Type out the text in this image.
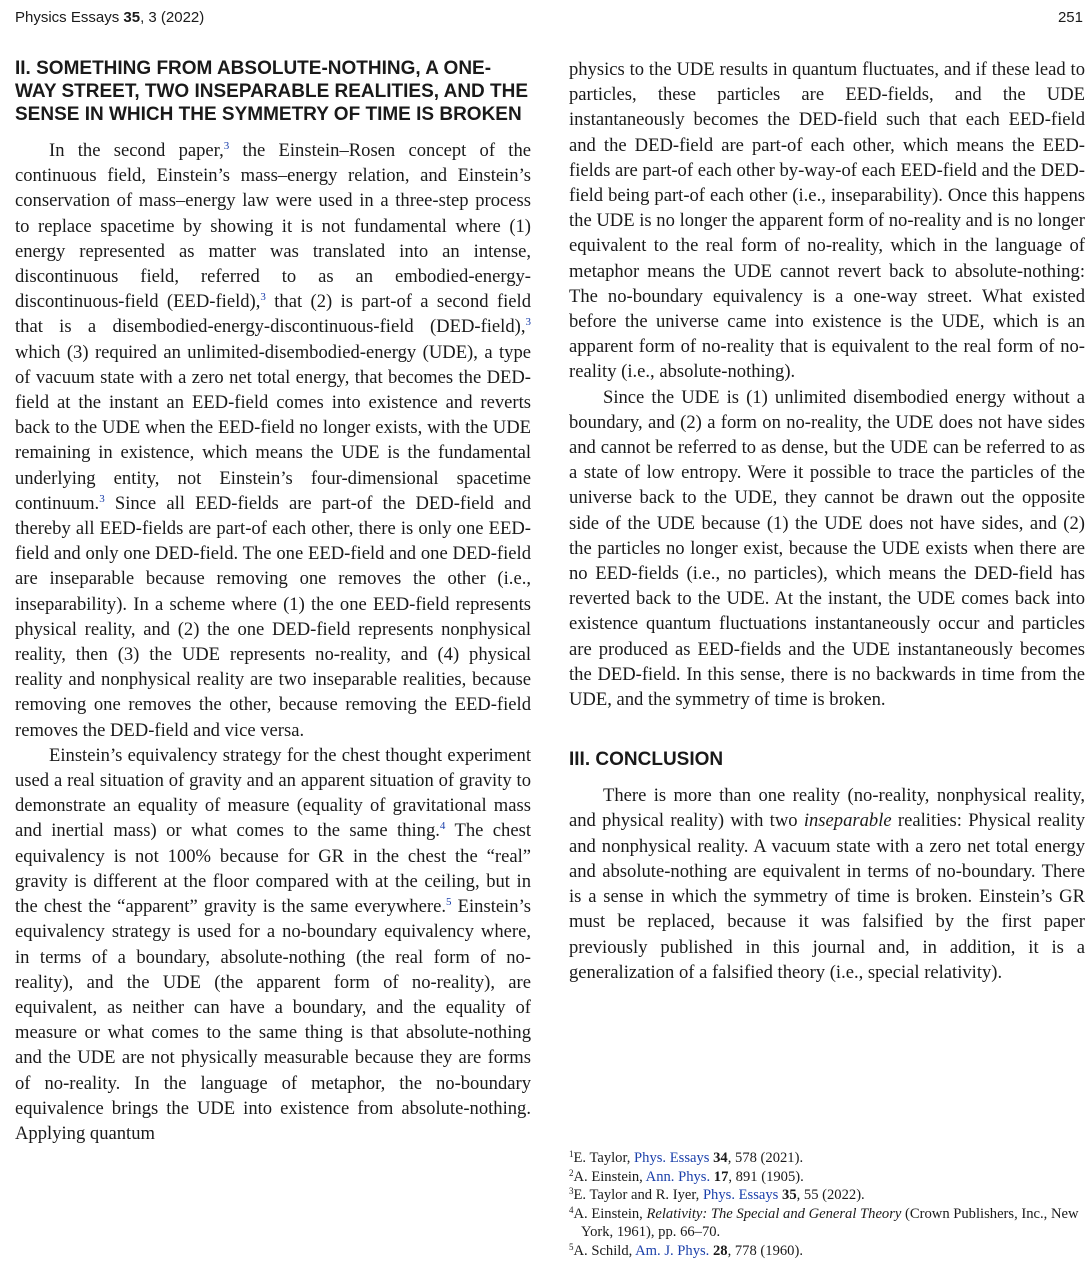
Physics Essays 35, 3 (2022)	251
II. SOMETHING FROM ABSOLUTE-NOTHING, A ONE-WAY STREET, TWO INSEPARABLE REALITIES, AND THE SENSE IN WHICH THE SYMMETRY OF TIME IS BROKEN

In the second paper,$^3$ the Einstein–Rosen concept of the continuous field, Einstein’s mass–energy relation, and Einstein’s conservation of mass–energy law were used in a three-step process to replace spacetime by showing it is not fundamental where (1) energy represented as matter was translated into an intense, discontinuous field, referred to as an embodied-energy-discontinuous-field (EED-field),$^3$ that (2) is part-of a second field that is a disembodied-energy-discontinuous-field (DED-field),$^3$ which (3) required an unlimited-disembodied-energy (UDE), a type of vacuum state with a zero net total energy, that becomes the DED-field at the instant an EED-field comes into existence and reverts back to the UDE when the EED-field no longer exists, with the UDE remaining in existence, which means the UDE is the fundamental underlying entity, not Einstein’s four-dimensional spacetime continuum.$^3$ Since all EED-fields are part-of the DED-field and thereby all EED-fields are part-of each other, there is only one EED-field and only one DED-field. The one EED-field and one DED-field are inseparable because removing one removes the other (i.e., inseparability). In a scheme where (1) the one EED-field represents physical reality, and (2) the one DED-field represents nonphysical reality, then (3) the UDE represents no-reality, and (4) physical reality and nonphysical reality are two inseparable realities, because removing one removes the other, because removing the EED-field removes the DED-field and vice versa.

Einstein’s equivalency strategy for the chest thought experiment used a real situation of gravity and an apparent situation of gravity to demonstrate an equality of measure (equality of gravitational mass and inertial mass) or what comes to the same thing.$^4$ The chest equivalency is not 100% because for GR in the chest the “real” gravity is different at the floor compared with at the ceiling, but in the chest the “apparent” gravity is the same everywhere.$^5$ Einstein’s equivalency strategy is used for a no-boundary equivalency where, in terms of a boundary, absolute-nothing (the real form of no-reality), and the UDE (the apparent form of no-reality), are equivalent, as neither can have a boundary, and the equality of measure or what comes to the same thing is that absolute-nothing and the UDE are not physically measurable because they are forms of no-reality. In the language of metaphor, the no-boundary equivalence brings the UDE into existence from absolute-nothing. Applying quantum

physics to the UDE results in quantum fluctuates, and if these lead to particles, these particles are EED-fields, and the UDE instantaneously becomes the DED-field such that each EED-field and the DED-field are part-of each other, which means the EED-fields are part-of each other by-way-of each EED-field and the DED-field being part-of each other (i.e., inseparability). Once this happens the UDE is no longer the apparent form of no-reality and is no longer equivalent to the real form of no-reality, which in the language of metaphor means the UDE cannot revert back to absolute-nothing: The no-boundary equivalency is a one-way street. What existed before the universe came into existence is the UDE, which is an apparent form of no-reality that is equivalent to the real form of no-reality (i.e., absolute-nothing).

Since the UDE is (1) unlimited disembodied energy without a boundary, and (2) a form on no-reality, the UDE does not have sides and cannot be referred to as dense, but the UDE can be referred to as a state of low entropy. Were it possible to trace the particles of the universe back to the UDE, they cannot be drawn out the opposite side of the UDE because (1) the UDE does not have sides, and (2) the particles no longer exist, because the UDE exists when there are no EED-fields (i.e., no particles), which means the DED-field has reverted back to the UDE. At the instant, the UDE comes back into existence quantum fluctuations instantaneously occur and particles are produced as EED-fields and the UDE instantaneously becomes the DED-field. In this sense, there is no backwards in time from the UDE, and the symmetry of time is broken.

III. CONCLUSION

There is more than one reality (no-reality, nonphysical reality, and physical reality) with two inseparable realities: Physical reality and nonphysical reality. A vacuum state with a zero net total energy and absolute-nothing are equivalent in terms of no-boundary. There is a sense in which the symmetry of time is broken. Einstein’s GR must be replaced, because it was falsified by the first paper previously published in this journal and, in addition, it is a generalization of a falsified theory (i.e., special relativity).

$^1$E. Taylor, Phys. Essays 34, 578 (2021).

$^2$A. Einstein, Ann. Phys. 17, 891 (1905).

$^3$E. Taylor and R. Iyer, Phys. Essays 35, 55 (2022).

$^4$A. Einstein, Relativity: The Special and General Theory (Crown Publishers, Inc., New York, 1961), pp. 66–70.

$^5$A. Schild, Am. J. Phys. 28, 778 (1960).
